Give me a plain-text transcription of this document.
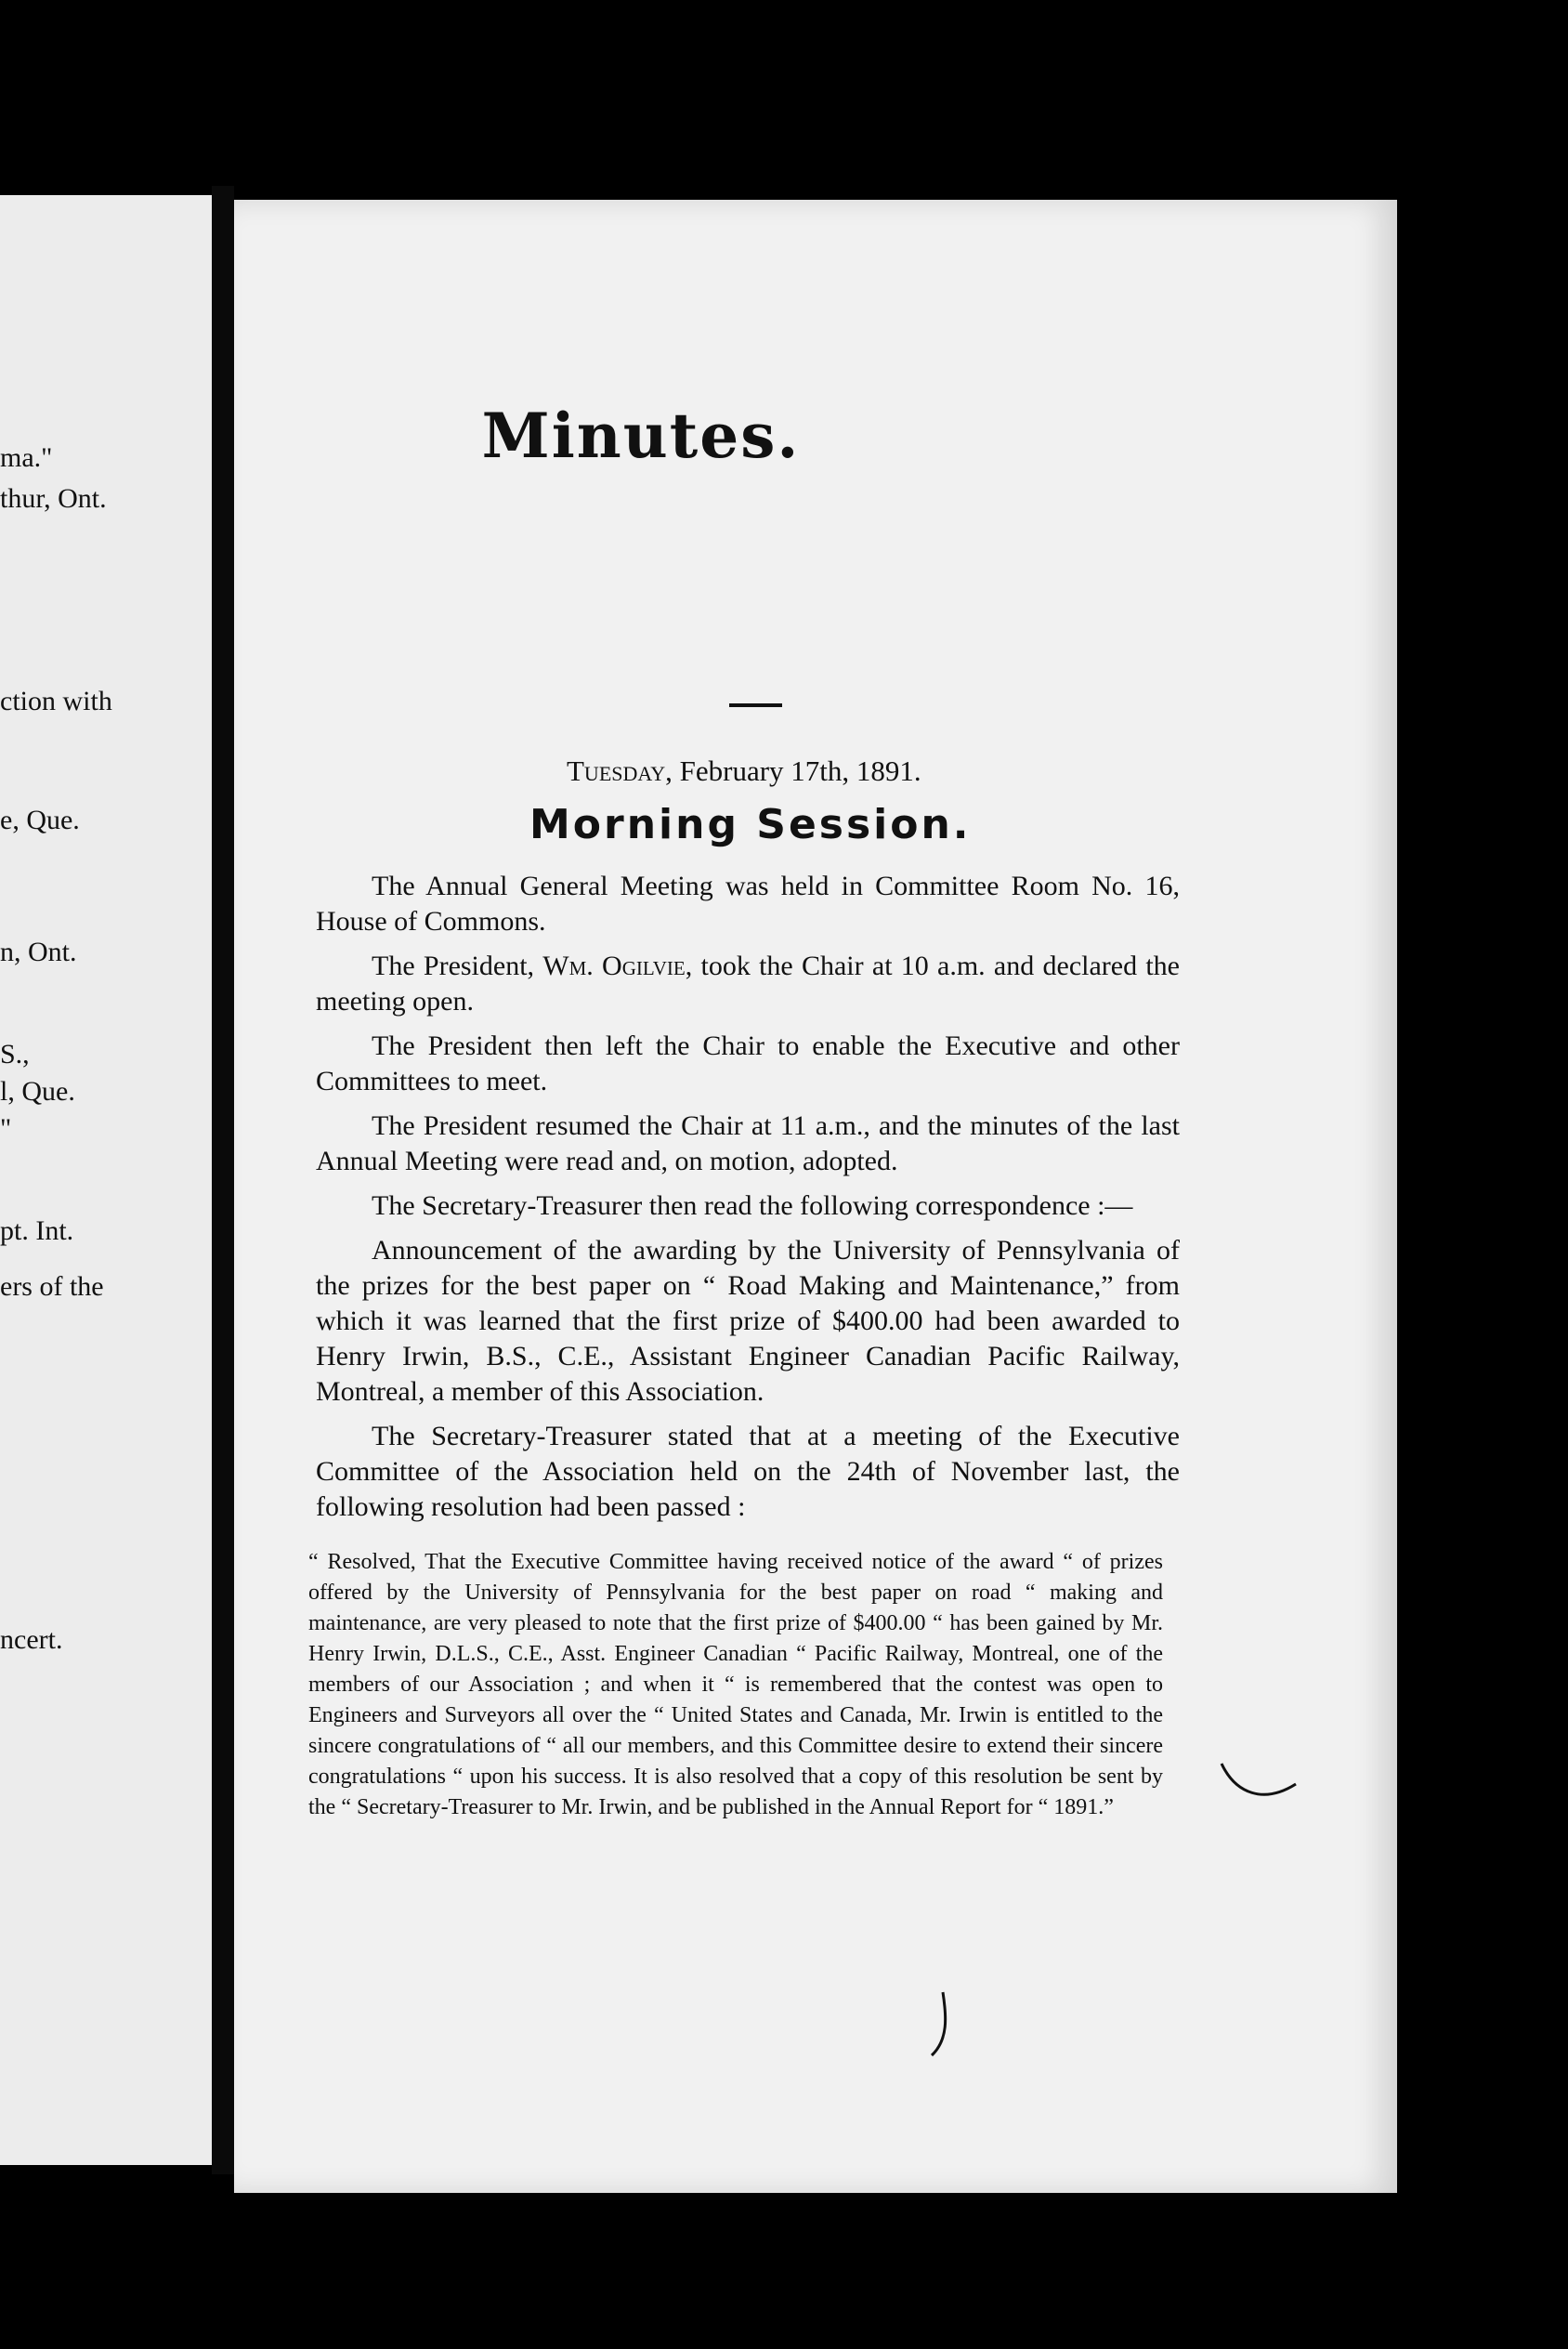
ma."
thur, Ont.
ction with
e, Que.
n, Ont.
S.,
l, Que.
"
pt. Int.
ers of the
ncert.
Minutes.
Tuesday, February 17th, 1891.
Morning Session.

The Annual General Meeting was held in Committee Room No. 16, House of Commons.

The President, Wm. Ogilvie, took the Chair at 10 a.m. and declared the meeting open.

The President then left the Chair to enable the Executive and other Committees to meet.

The President resumed the Chair at 11 a.m., and the minutes of the last Annual Meeting were read and, on motion, adopted.

The Secretary-Treasurer then read the following correspondence :—

Announcement of the awarding by the University of Pennsylvania of the prizes for the best paper on “ Road Making and Maintenance,” from which it was learned that the first prize of $400.00 had been awarded to Henry Irwin, B.S., C.E., Assistant Engineer Canadian Pacific Railway, Montreal, a member of this Association.

The Secretary-Treasurer stated that at a meeting of the Executive Committee of the Association held on the 24th of November last, the following resolution had been passed :

“ Resolved, That the Executive Committee having received notice of the award “ of prizes offered by the University of Pennsylvania for the best paper on road “ making and maintenance, are very pleased to note that the first prize of $400.00 “ has been gained by Mr. Henry Irwin, D.L.S., C.E., Asst. Engineer Canadian “ Pacific Railway, Montreal, one of the members of our Association ; and when it “ is remembered that the contest was open to Engineers and Surveyors all over the “ United States and Canada, Mr. Irwin is entitled to the sincere congratulations of “ all our members, and this Committee desire to extend their sincere congratulations “ upon his success. It is also resolved that a copy of this resolution be sent by the “ Secretary-Treasurer to Mr. Irwin, and be published in the Annual Report for “ 1891.”
